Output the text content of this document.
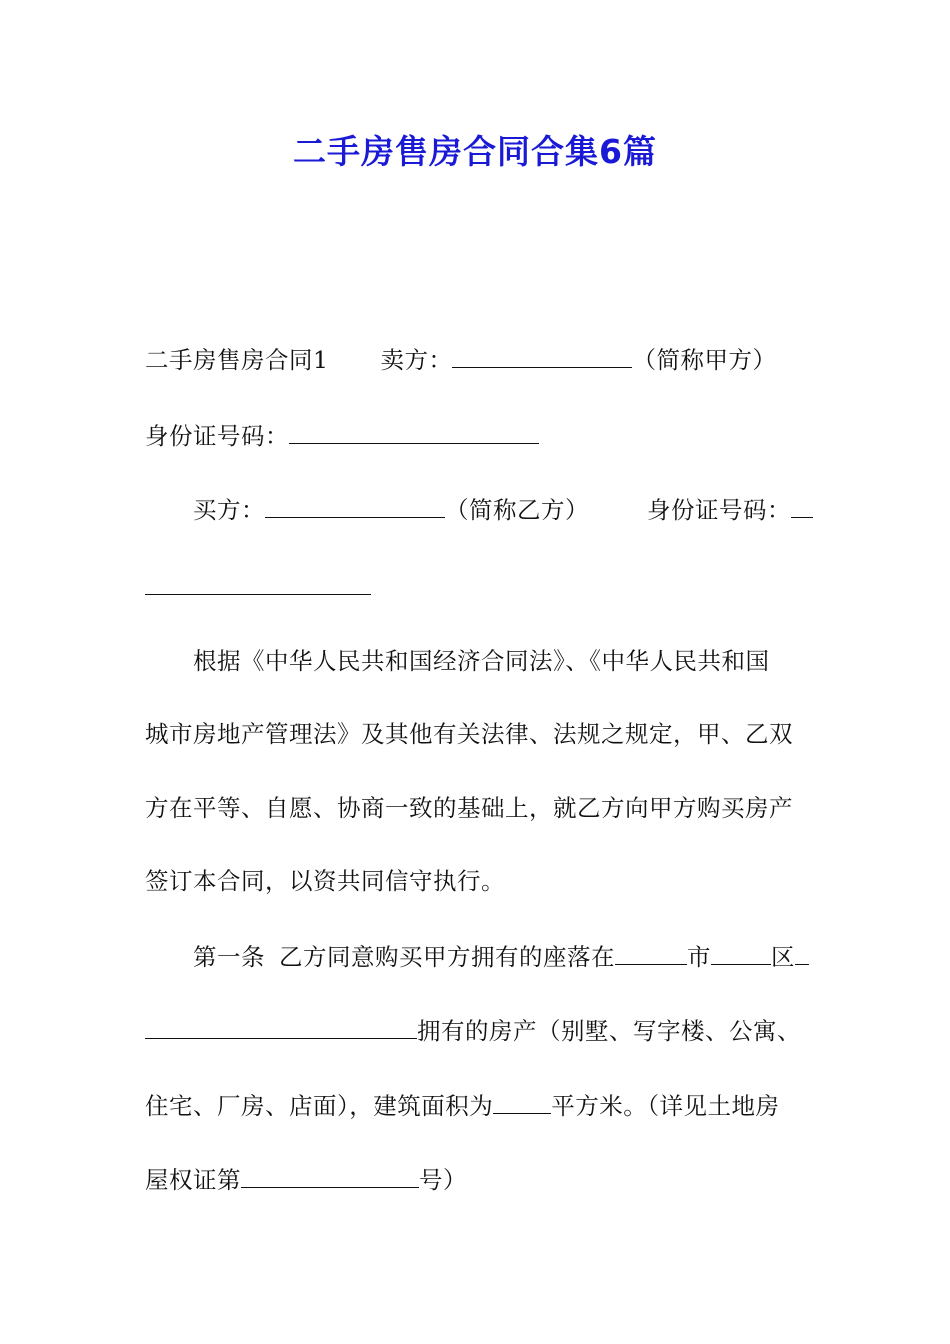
二手房售房合同合集6篇
二手房售房合同1 卖方：	（简称甲方）
身份证号码：
买方：	（简称乙方） 身份证号码：
根据《中华人民共和国经济合同法》、《中华人民共和国
城市房地产管理法》及其他有关法律、法规之规定，甲、乙双
方在平等、自愿、协商一致的基础上，就乙方向甲方购买房产
签订本合同，以资共同信守执行。
第一条 乙方同意购买甲方拥有的座落在	市	区
拥有的房产（别墅、写字楼、公寓、
住宅、厂房、店面），建筑面积为 平方米。（详见土地房
屋权证第	号）
